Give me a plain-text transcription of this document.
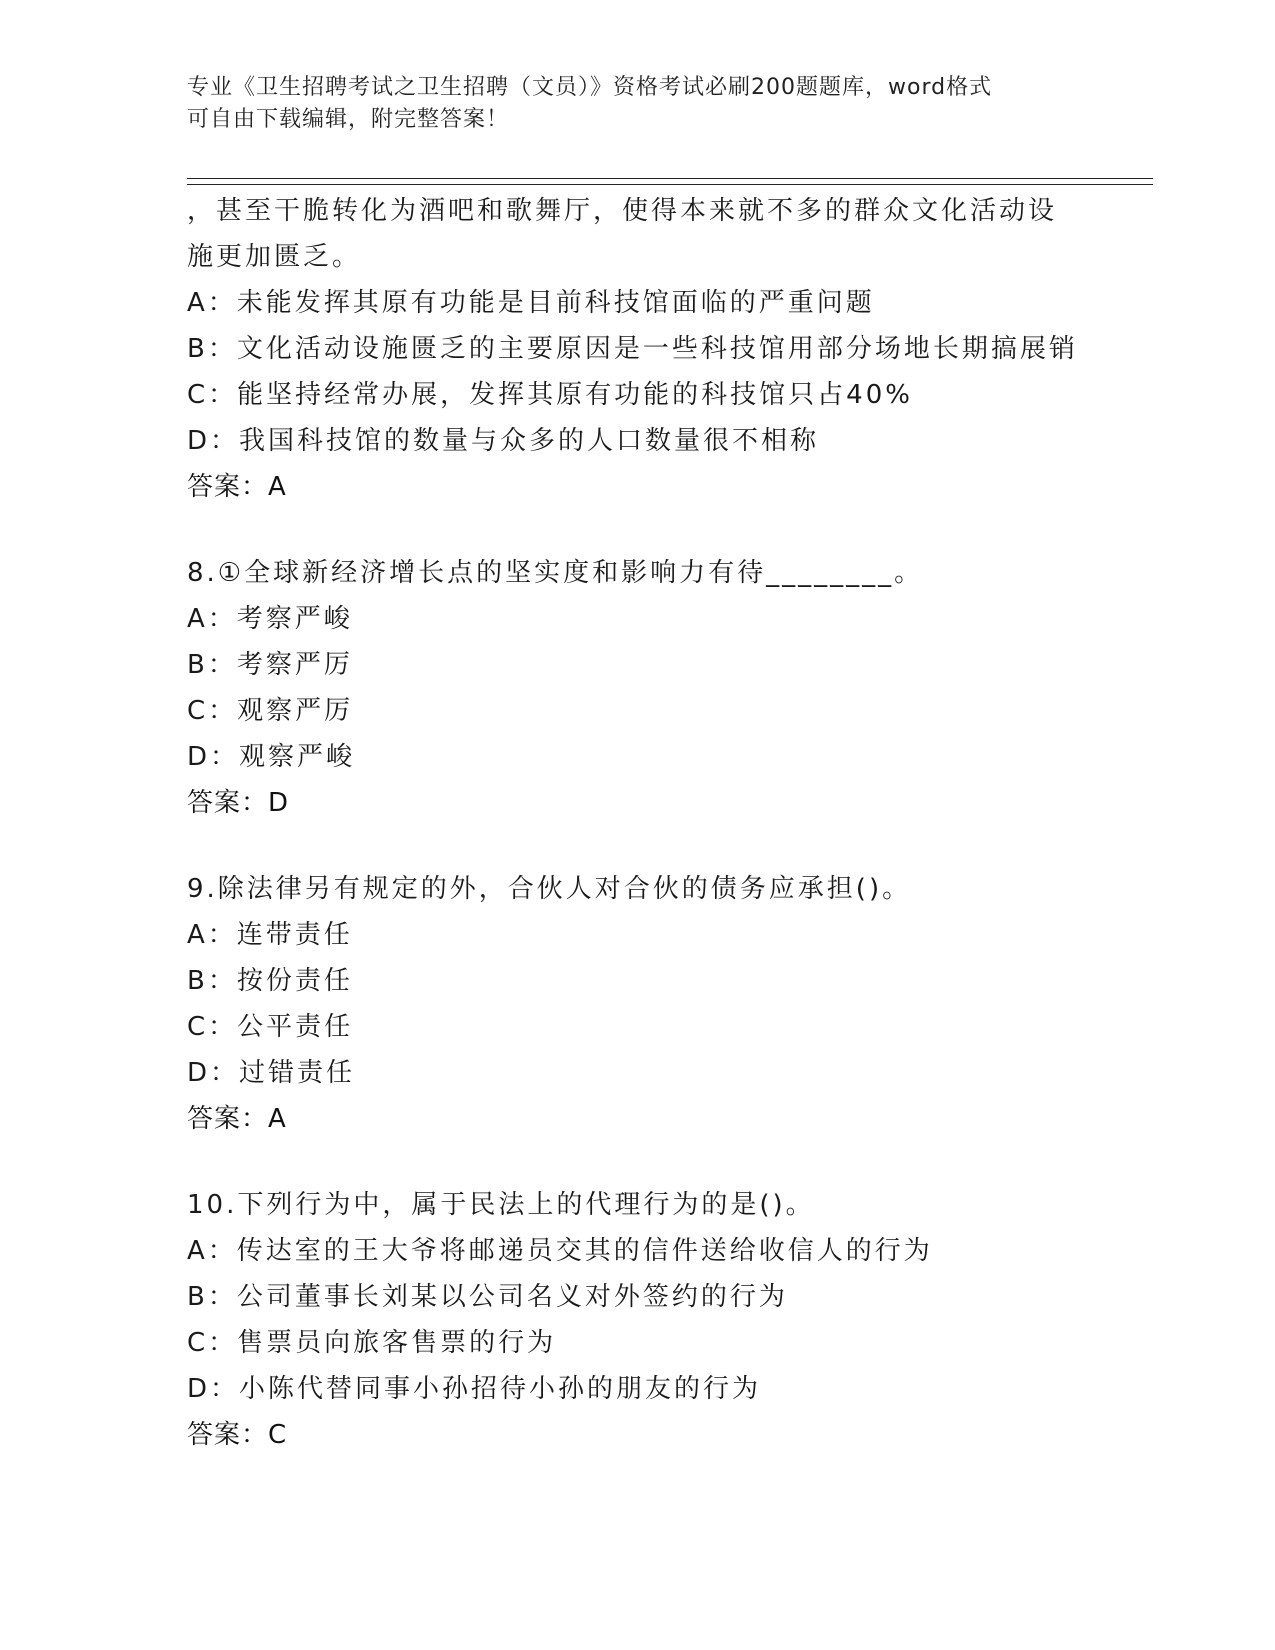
专业《卫生招聘考试之卫生招聘（文员）》资格考试必刷200题题库，word格式
可自由下载编辑，附完整答案！
，甚至干脆转化为酒吧和歌舞厅，使得本来就不多的群众文化活动设
施更加匮乏。
A：未能发挥其原有功能是目前科技馆面临的严重问题
B：文化活动设施匮乏的主要原因是一些科技馆用部分场地长期搞展销
C：能坚持经常办展，发挥其原有功能的科技馆只占40%
D：我国科技馆的数量与众多的人口数量很不相称
答案：A
8.①全球新经济增长点的坚实度和影响力有待________。
A：考察严峻
B：考察严厉
C：观察严厉
D：观察严峻
答案：D
9.除法律另有规定的外，合伙人对合伙的债务应承担()。
A：连带责任
B：按份责任
C：公平责任
D：过错责任
答案：A
10.下列行为中，属于民法上的代理行为的是()。
A：传达室的王大爷将邮递员交其的信件送给收信人的行为
B：公司董事长刘某以公司名义对外签约的行为
C：售票员向旅客售票的行为
D：小陈代替同事小孙招待小孙的朋友的行为
答案：C
